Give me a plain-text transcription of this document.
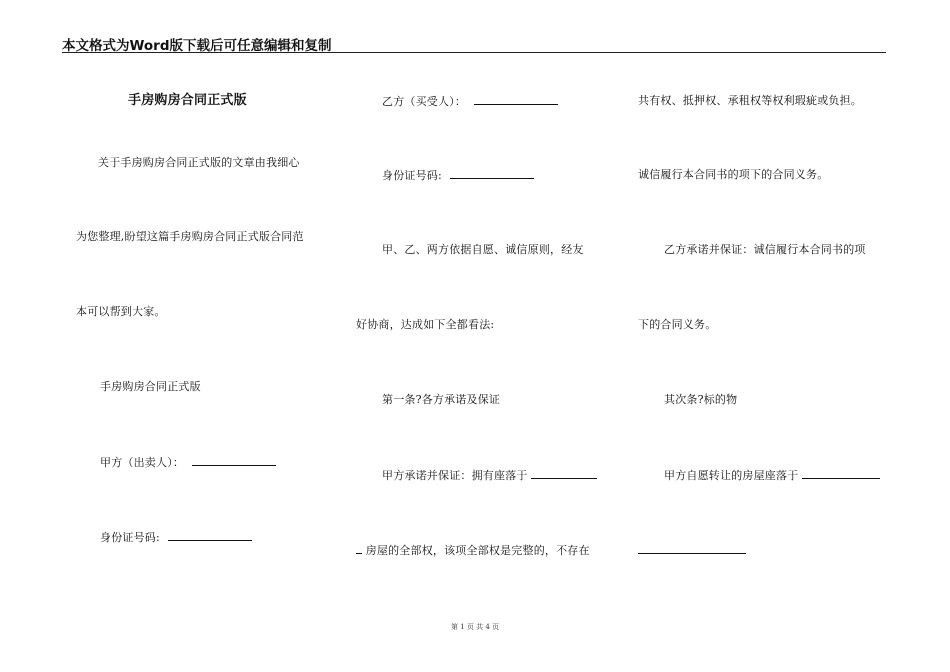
本文格式为Word版下载后可任意编辑和复制
手房购房合同正式版
关于手房购房合同正式版的文章由我细心
为您整理,盼望这篇手房购房合同正式版合同范
本可以帮到大家。
手房购房合同正式版
甲方（出卖人）：
身份证号码:
乙方（买受人）：
身份证号码:
甲、乙、两方依据自愿、诚信原则，经友
好协商，达成如下全都看法:
第一条?各方承诺及保证
甲方承诺并保证：拥有座落于
房屋的全部权，该项全部权是完整的，不存在
共有权、抵押权、承租权等权利瑕疵或负担。
诚信履行本合同书的项下的合同义务。
乙方承诺并保证：诚信履行本合同书的项
下的合同义务。
其次条?标的物
甲方自愿转让的房屋座落于
第 1 页 共 4 页
